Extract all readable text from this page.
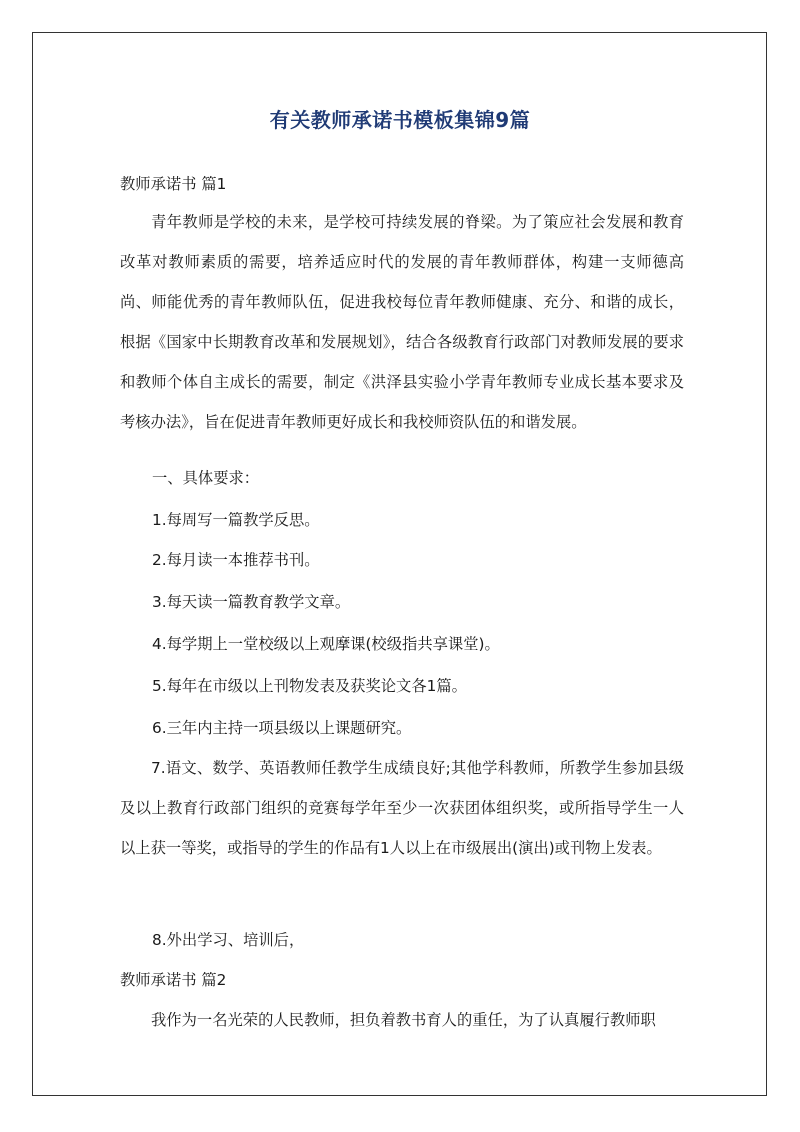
有关教师承诺书模板集锦9篇
教师承诺书 篇1
青年教师是学校的未来，是学校可持续发展的脊梁。为了策应社会发展和教育改革对教师素质的需要，培养适应时代的发展的青年教师群体，构建一支师德高尚、师能优秀的青年教师队伍，促进我校每位青年教师健康、充分、和谐的成长，根据《国家中长期教育改革和发展规划》，结合各级教育行政部门对教师发展的要求和教师个体自主成长的需要，制定《洪泽县实验小学青年教师专业成长基本要求及考核办法》，旨在促进青年教师更好成长和我校师资队伍的和谐发展。
一、具体要求：
1.每周写一篇教学反思。
2.每月读一本推荐书刊。
3.每天读一篇教育教学文章。
4.每学期上一堂校级以上观摩课(校级指共享课堂)。
5.每年在市级以上刊物发表及获奖论文各1篇。
6.三年内主持一项县级以上课题研究。
7.语文、数学、英语教师任教学生成绩良好;其他学科教师，所教学生参加县级及以上教育行政部门组织的竞赛每学年至少一次获团体组织奖，或所指导学生一人以上获一等奖，或指导的学生的作品有1人以上在市级展出(演出)或刊物上发表。
8.外出学习、培训后，
教师承诺书 篇2
我作为一名光荣的人民教师，担负着教书育人的重任，为了认真履行教师职
